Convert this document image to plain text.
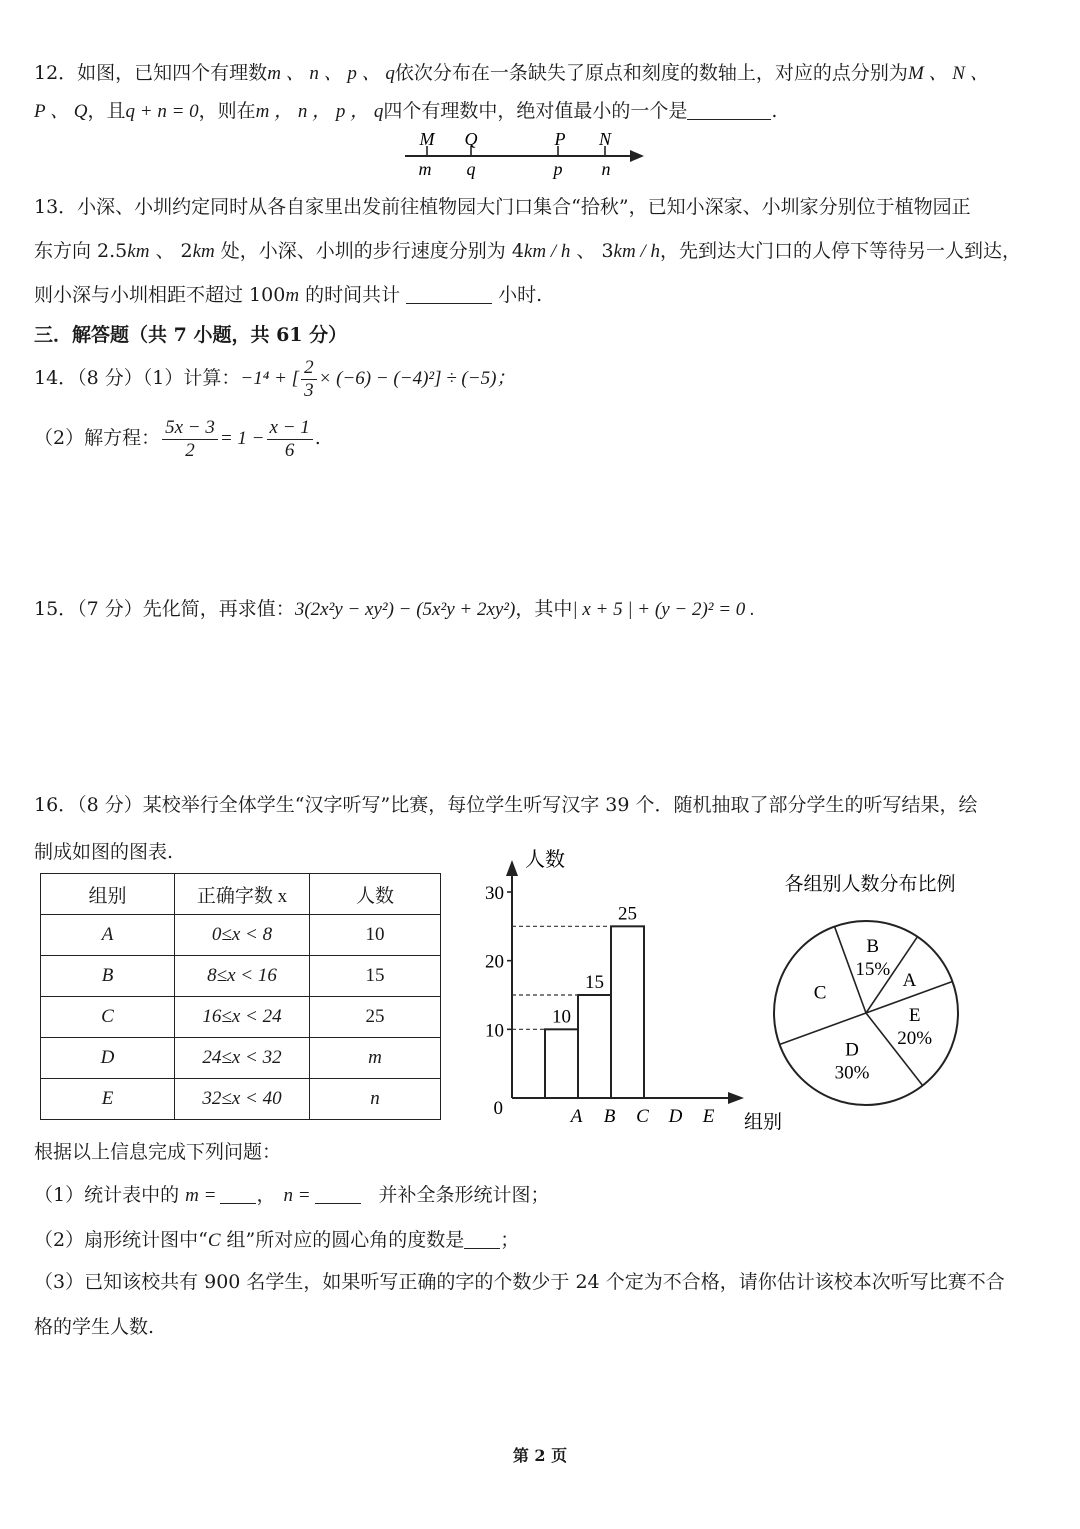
12．如图，已知四个有理数m 、 n 、 p 、 q依次分布在一条缺失了原点和刻度的数轴上，对应的点分别为M 、 N 、
P 、 Q，且q + n = 0，则在m ， n ， p ， q四个有理数中，绝对值最小的一个是	.
M Q	P N
m q	p n
13．小深、小圳约定同时从各自家里出发前往植物园大门口集合“拾秋”，已知小深家、小圳家分别位于植物园正
东方向 2.5km 、 2km 处，小深、小圳的步行速度分别为 4km / h 、 3km / h，先到达大门口的人停下等待另一人到达，
则小深与小圳相距不超过 100m 的时间共计	小时.
三．解答题（共 7 小题，共 61 分）
14．（8 分）（1）计算：−1⁴ + [ $\frac{2}{3} \times (-6) - (-4)^2] \div (-5)$；
（2）解方程： $\frac{5x - 3}{2} = 1 - \frac{x - 1}{6}$ .
15．（7 分）先化简，再求值：3(2x²y − xy²) − (5x²y + 2xy²)，其中| x + 5 | + (y − 2)² = 0 .
16．（8 分）某校举行全体学生“汉字听写”比赛，每位学生听写汉字 39 个．随机抽取了部分学生的听写结果，绘
制成如图的图表.
组别	正确字数 x	人数
A	0≤x < 8	10
B	8≤x < 16	15
C	16≤x < 24	25
D	24≤x < 32	m
E	32≤x < 40	n
人数
组别
0
10
20
30
A
10
B
15
C
25
D E
各组别人数分布比例
B
15%
A
E
20%
D
30%
C
根据以上信息完成下列问题：
（1）统计表中的 m = ， n =	并补全条形统计图；
（2）扇形统计图中“C 组”所对应的圆心角的度数是 ；
（3）已知该校共有 900 名学生，如果听写正确的字的个数少于 24 个定为不合格，请你估计该校本次听写比赛不合
格的学生人数.
第 2 页
